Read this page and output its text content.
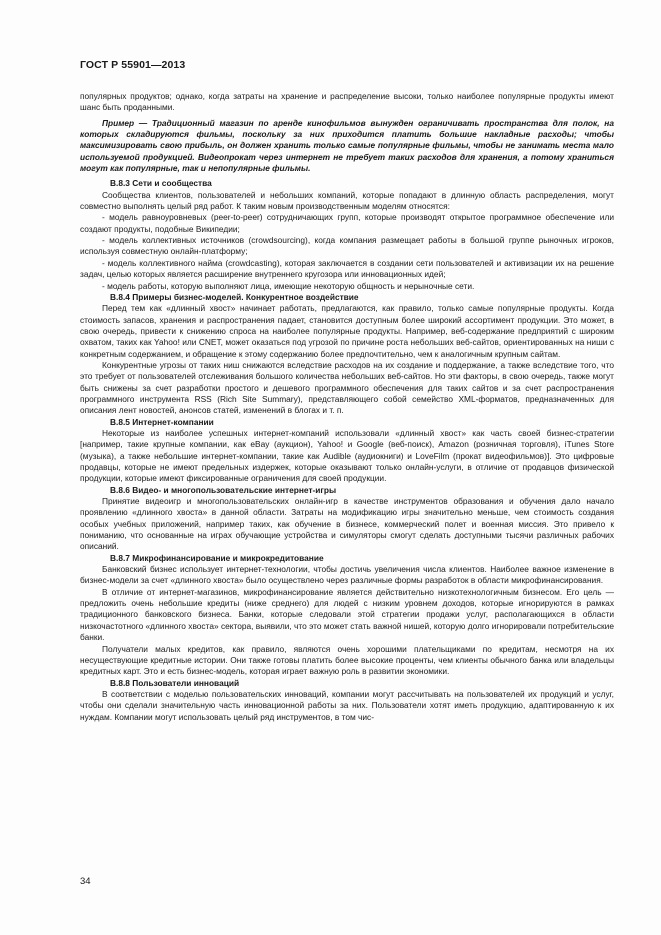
ГОСТ Р 55901—2013

популярных продуктов; однако, когда затраты на хранение и распределение высоки, только наиболее популярные продукты имеют шанс быть проданными.

Пример — Традиционный магазин по аренде кинофильмов вынужден ограничивать пространства для полок, на которых складируются фильмы, поскольку за них приходится платить большие накладные расходы; чтобы максимизировать свою прибыль, он должен хранить только самые популярные фильмы, чтобы не занимать места мало используемой продукцией. Видеопрокат через интернет не требует таких расходов для хранения, а потому храниться могут как популярные, так и непопулярные фильмы.

В.8.3 Сети и сообщества

Сообщества клиентов, пользователей и небольших компаний, которые попадают в длинную область распределения, могут совместно выполнять целый ряд работ. К таким новым производственным моделям относятся:

- модель равноуровневых (peer-to-peer) сотрудничающих групп, которые производят открытое программное обеспечение или создают продукты, подобные Википедии;

- модель коллективных источников (crowdsourcing), когда компания размещает работы в большой группе рыночных игроков, используя совместную онлайн-платформу;

- модель коллективного найма (crowdcasting), которая заключается в создании сети пользователей и активизации их на решение задач, целью которых является расширение внутреннего кругозора или инновационных идей;

- модель работы, которую выполняют лица, имеющие некоторую общность и нерыночные сети.

В.8.4 Примеры бизнес-моделей. Конкурентное воздействие

Перед тем как «длинный хвост» начинает работать, предлагаются, как правило, только самые популярные продукты. Когда стоимость запасов, хранения и распространения падает, становится доступным более широкий ассортимент продукции. Это может, в свою очередь, привести к снижению спроса на наиболее популярные продукты. Например, веб-содержание предприятий с широким охватом, таких как Yahoo! или CNET, может оказаться под угрозой по причине роста небольших веб-сайтов, ориентированных на ниши с конкретным содержанием, и обращение к этому содержанию более предпочтительно, чем к аналогичным крупным сайтам.

Конкурентные угрозы от таких ниш снижаются вследствие расходов на их создание и поддержание, а также вследствие того, что это требует от пользователей отслеживания большого количества небольших веб-сайтов. Но эти факторы, в свою очередь, также могут быть снижены за счет разработки простого и дешевого программного обеспечения для таких сайтов и за счет распространения программного инструмента RSS (Rich Site Summary), представляющего собой семейство XML-форматов, предназначенных для описания лент новостей, анонсов статей, изменений в блогах и т. п.

В.8.5 Интернет-компании

Некоторые из наиболее успешных интернет-компаний использовали «длинный хвост» как часть своей бизнес-стратегии [например, такие крупные компании, как eBay (аукцион), Yahoo! и Google (веб-поиск), Amazon (розничная торговля), iTunes Store (музыка), а также небольшие интернет-компании, такие как Audible (аудиокниги) и LoveFilm (прокат видеофильмов)]. Это цифровые продавцы, которые не имеют предельных издержек, которые оказывают только онлайн-услуги, в отличие от продавцов физической продукции, которые имеют фиксированные ограничения для своей продукции.

В.8.6 Видео- и многопользовательские интернет-игры

Принятие видеоигр и многопользовательских онлайн-игр в качестве инструментов образования и обучения дало начало проявлению «длинного хвоста» в данной области. Затраты на модификацию игры значительно меньше, чем стоимость создания особых учебных приложений, например таких, как обучение в бизнесе, коммерческий полет и военная миссия. Это привело к пониманию, что основанные на играх обучающие устройства и симуляторы смогут сделать доступными тысячи различных рабочих описаний.

В.8.7 Микрофинансирование и микрокредитование

Банковский бизнес использует интернет-технологии, чтобы достичь увеличения числа клиентов. Наиболее важное изменение в бизнес-модели за счет «длинного хвоста» было осуществлено через различные формы разработок в области микрофинансирования.

В отличие от интернет-магазинов, микрофинансирование является действительно низкотехнологичным бизнесом. Его цель — предложить очень небольшие кредиты (ниже среднего) для людей с низким уровнем доходов, которые игнорируются в рамках традиционного банковского бизнеса. Банки, которые следовали этой стратегии продажи услуг, располагающихся в области низкочастотного «длинного хвоста» сектора, выявили, что это может стать важной нишей, которую долго игнорировали потребительские банки.

Получатели малых кредитов, как правило, являются очень хорошими плательщиками по кредитам, несмотря на их несуществующие кредитные истории. Они также готовы платить более высокие проценты, чем клиенты обычного банка или владельцы кредитных карт. Это и есть бизнес-модель, которая играет важную роль в развитии экономики.

В.8.8 Пользователи инноваций

В соответствии с моделью пользовательских инноваций, компании могут рассчитывать на пользователей их продукций и услуг, чтобы они сделали значительную часть инновационной работы за них. Пользователи хотят иметь продукцию, адаптированную к их нуждам. Компании могут использовать целый ряд инструментов, в том чис-

34
